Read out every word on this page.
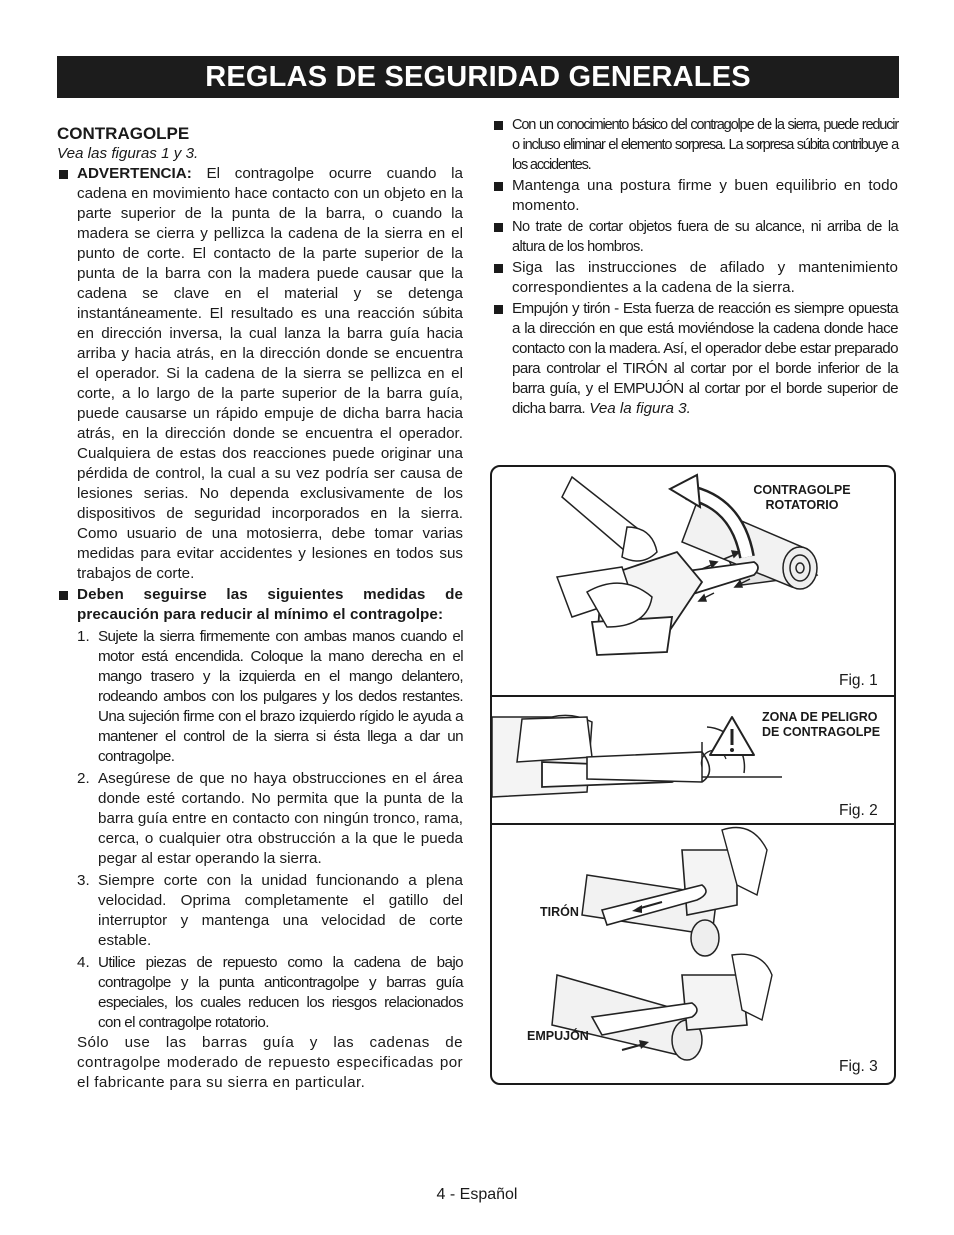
REGLAS DE SEGURIDAD GENERALES
CONTRAGOLPE

Vea las figuras 1 y 3.

ADVERTENCIA: El contragolpe ocurre cuando la cadena en movimiento hace contacto con un objeto en la parte superior de la punta de la barra, o cuando la madera se cierra y pellizca la cadena de la sierra en el punto de corte. El contacto de la parte superior de la punta de la barra con la madera puede causar que la cadena se clave en el material y se detenga instantáneamente. El resultado es una reacción súbita en dirección inversa, la cual lanza la barra guía hacia arriba y hacia atrás, en la dirección donde se encuentra el operador. Si la cadena de la sierra se pellizca en el corte, a lo largo de la parte superior de la barra guía, puede causarse un rápido empuje de dicha barra hacia atrás, en la dirección donde se encuentra el operador. Cualquiera de estas dos reacciones puede originar una pérdida de control, la cual a su vez podría ser causa de lesiones serias. No dependa exclusivamente de los dispositivos de seguridad incorporados en la sierra. Como usuario de una motosierra, debe tomar varias medidas para evitar accidentes y lesiones en todos sus trabajos de corte.
Deben seguirse las siguientes medidas de precaución para reducir al mínimo el contragolpe:
1. Sujete la sierra firmemente con ambas manos cuando el motor está encendida. Coloque la mano derecha en el mango trasero y la izquierda en el mango delantero, rodeando ambos con los pulgares y los dedos restantes. Una sujeción firme con el brazo izquierdo rígido le ayuda a mantener el control de la sierra si ésta llega a dar un contragolpe.
2. Asegúrese de que no haya obstrucciones en el área donde esté cortando. No permita que la punta de la barra guía entre en contacto con ningún tronco, rama, cerca, o cualquier otra obstrucción a la que le pueda pegar al estar operando la sierra.
3. Siempre corte con la unidad funcionando a plena velocidad. Oprima completamente el gatillo del interruptor y mantenga una velocidad de corte estable.
4. Utilice piezas de repuesto como la cadena de bajo contragolpe y la punta anticontragolpe y barras guía especiales, los cuales reducen los riesgos relacionados con el contragolpe rotatorio.

Sólo use las barras guía y las cadenas de contragolpe moderado de repuesto especificadas por el fabricante para su sierra en particular.

Con un conocimiento básico del contragolpe de la sierra, puede reducir o incluso eliminar el elemento sorpresa. La sorpresa súbita contribuye a los accidentes.
Mantenga una postura firme y buen equilibrio en todo momento.
No trate de cortar objetos fuera de su alcance, ni arriba de la altura de los hombros.
Siga las instrucciones de afilado y mantenimiento correspondientes a la cadena de la sierra.
Empujón y tirón - Esta fuerza de reacción es siempre opuesta a la dirección en que está moviéndose la cadena donde hace contacto con la madera. Así, el operador debe estar preparado para controlar el TIRÓN al cortar por el borde inferior de la barra guía, y el EMPUJÓN al cortar por el borde superior de dicha barra. Vea la figura 3.
CONTRAGOLPE
ROTATORIO
Fig. 1
ZONA DE PELIGRO
DE CONTRAGOLPE
Fig. 2
TIRÓN
EMPUJÓN
Fig. 3
4 - Español
